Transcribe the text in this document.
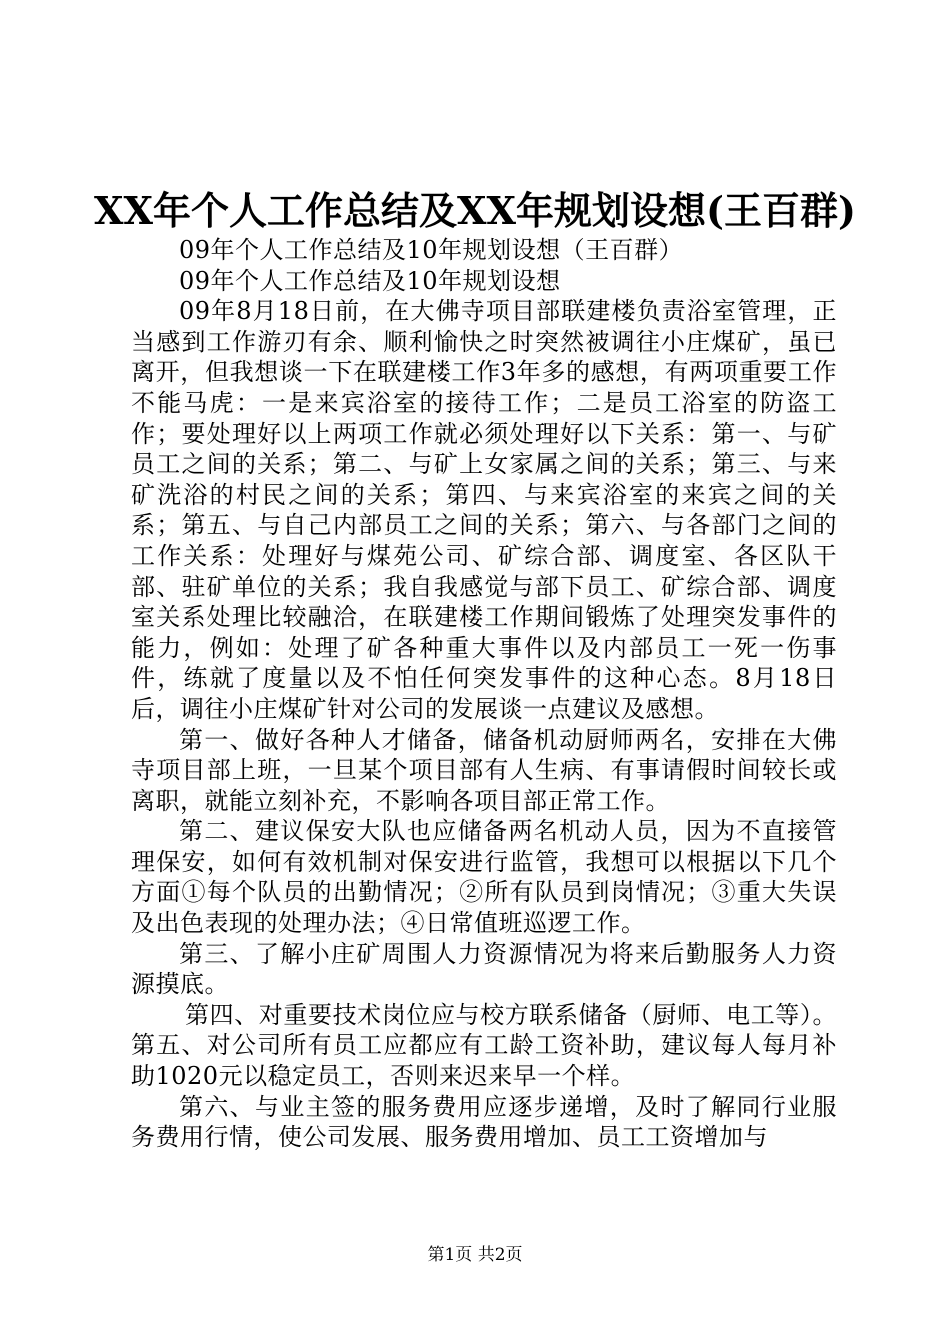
XX年个人工作总结及XX年规划设想(王百群)

09年个人工作总结及10年规划设想（王百群）

09年个人工作总结及10年规划设想

09年8月18日前，在大佛寺项目部联建楼负责浴室管理，正当感到工作游刃有余、顺利愉快之时突然被调往小庄煤矿，虽已离开，但我想谈一下在联建楼工作3年多的感想，有两项重要工作不能马虎：一是来宾浴室的接待工作；二是员工浴室的防盗工作；要处理好以上两项工作就必须处理好以下关系：第一、与矿员工之间的关系；第二、与矿上女家属之间的关系；第三、与来矿洗浴的村民之间的关系；第四、与来宾浴室的来宾之间的关系；第五、与自己内部员工之间的关系；第六、与各部门之间的工作关系：处理好与煤苑公司、矿综合部、调度室、各区队干部、驻矿单位的关系；我自我感觉与部下员工、矿综合部、调度室关系处理比较融洽，在联建楼工作期间锻炼了处理突发事件的能力，例如：处理了矿各种重大事件以及内部员工一死一伤事件，练就了度量以及不怕任何突发事件的这种心态。8月18日后，调往小庄煤矿针对公司的发展谈一点建议及感想。

第一、做好各种人才储备，储备机动厨师两名，安排在大佛寺项目部上班，一旦某个项目部有人生病、有事请假时间较长或离职，就能立刻补充，不影响各项目部正常工作。

第二、建议保安大队也应储备两名机动人员，因为不直接管理保安，如何有效机制对保安进行监管，我想可以根据以下几个方面①每个队员的出勤情况；②所有队员到岗情况；③重大失误及出色表现的处理办法；④日常值班巡逻工作。

第三、了解小庄矿周围人力资源情况为将来后勤服务人力资源摸底。

第四、对重要技术岗位应与校方联系储备（厨师、电工等）。第五、对公司所有员工应都应有工龄工资补助，建议每人每月补助1020元以稳定员工，否则来迟来早一个样。

第六、与业主签的服务费用应逐步递增，及时了解同行业服务费用行情，使公司发展、服务费用增加、员工工资增加与

第1页 共2页
